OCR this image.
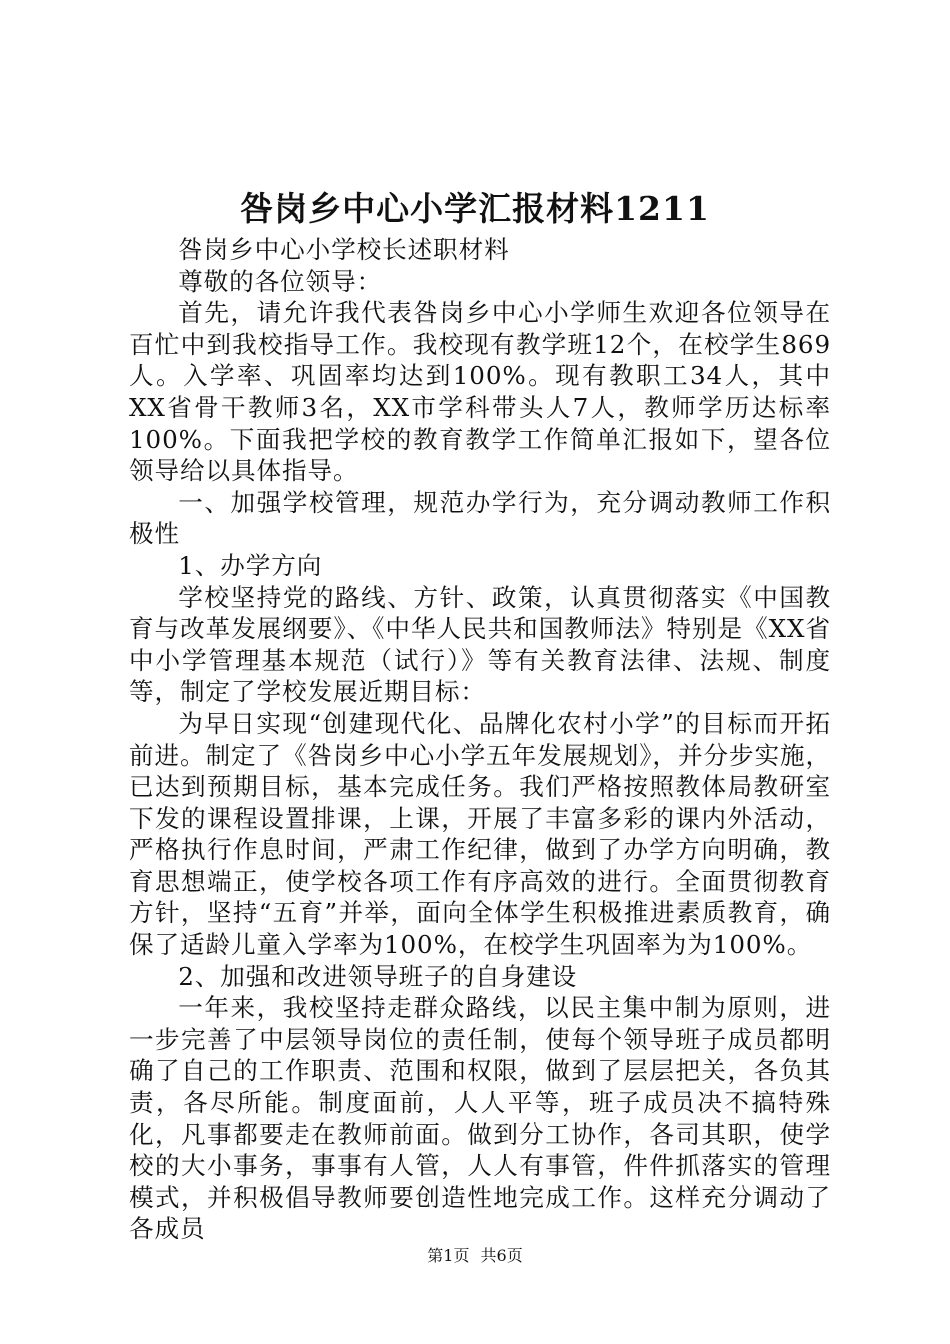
咎岗乡中心小学汇报材料1211

咎岗乡中心小学校长述职材料

尊敬的各位领导：

首先，请允许我代表咎岗乡中心小学师生欢迎各位领导在百忙中到我校指导工作。我校现有教学班12个，在校学生869人。入学率、巩固率均达到100%。现有教职工34人，其中XX省骨干教师3名，XX市学科带头人7人，教师学历达标率100%。下面我把学校的教育教学工作简单汇报如下，望各位领导给以具体指导。

一、加强学校管理，规范办学行为，充分调动教师工作积极性

1、办学方向

学校坚持党的路线、方针、政策，认真贯彻落实《中国教育与改革发展纲要》、《中华人民共和国教师法》特别是《XX省中小学管理基本规范（试行）》等有关教育法律、法规、制度等，制定了学校发展近期目标：

为早日实现“创建现代化、品牌化农村小学”的目标而开拓前进。制定了《咎岗乡中心小学五年发展规划》，并分步实施，已达到预期目标，基本完成任务。我们严格按照教体局教研室下发的课程设置排课，上课，开展了丰富多彩的课内外活动，严格执行作息时间，严肃工作纪律，做到了办学方向明确，教育思想端正，使学校各项工作有序高效的进行。全面贯彻教育方针，坚持“五育”并举，面向全体学生积极推进素质教育，确保了适龄儿童入学率为100%，在校学生巩固率为为100%。

2、加强和改进领导班子的自身建设

一年来，我校坚持走群众路线，以民主集中制为原则，进一步完善了中层领导岗位的责任制，使每个领导班子成员都明确了自己的工作职责、范围和权限，做到了层层把关，各负其责，各尽所能。制度面前，人人平等，班子成员决不搞特殊化，凡事都要走在教师前面。做到分工协作，各司其职，使学校的大小事务，事事有人管，人人有事管，件件抓落实的管理模式，并积极倡导教师要创造性地完成工作。这样充分调动了各成员

第1页 共6页
